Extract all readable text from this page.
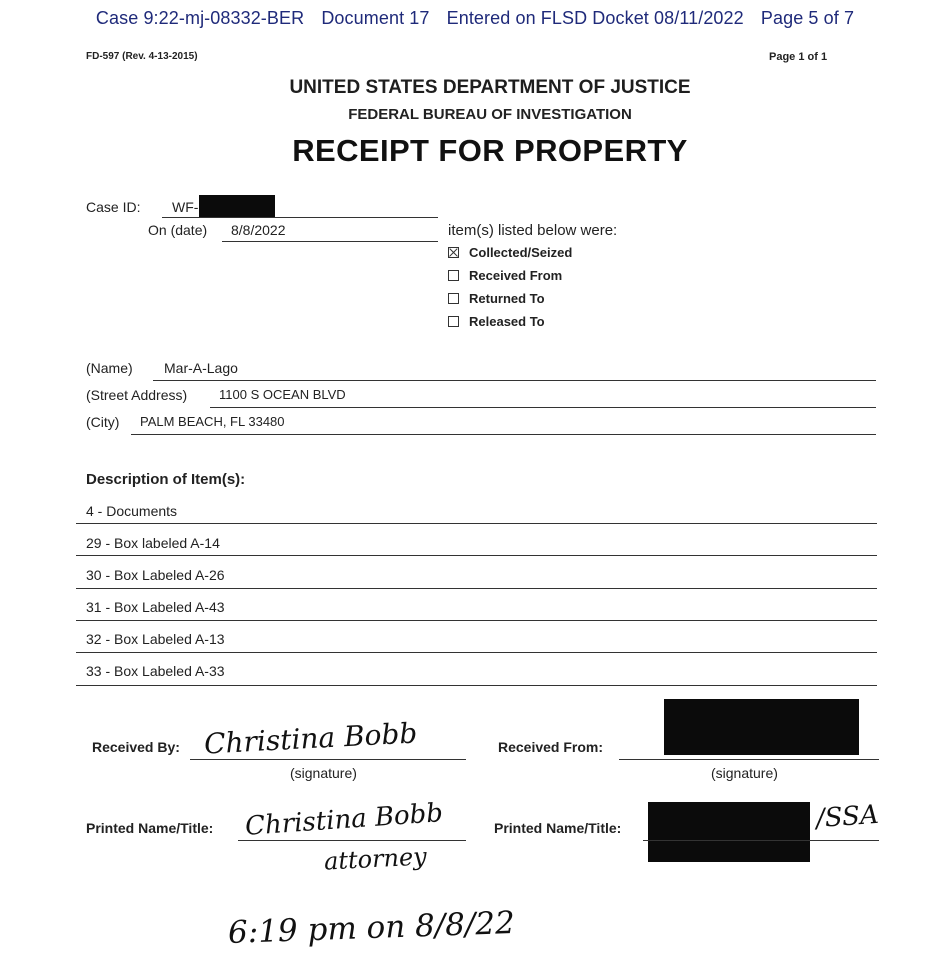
Case 9:22-mj-08332-BER Document 17 Entered on FLSD Docket 08/11/2022 Page 5 of 7
FD-597 (Rev. 4-13-2015)	Page 1 of 1
UNITED STATES DEPARTMENT OF JUSTICE
FEDERAL BUREAU OF INVESTIGATION
RECEIPT FOR PROPERTY
Case ID: WF-
On (date) 8/8/2022	item(s) listed below were:
Collected/Seized
Received From
Returned To
Released To
(Name) Mar-A-Lago
(Street Address) 1100 S OCEAN BLVD
(City) PALM BEACH, FL 33480
Description of Item(s):
4 - Documents
29 - Box labeled A-14
30 - Box Labeled A-26
31 - Box Labeled A-43
32 - Box Labeled A-13
33 - Box Labeled A-33
Received By: Christina Bobb
(signature)
Received From:
(signature)
Printed Name/Title: Christina Bobb
attorney
Printed Name/Title:	/SSA
6:19 pm on 8/8/22
